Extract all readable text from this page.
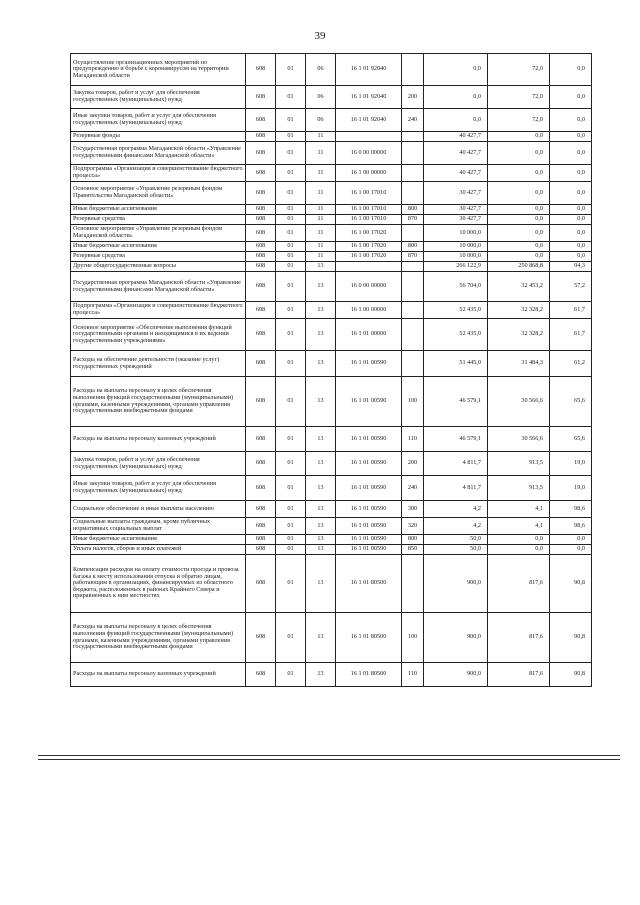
39
Осуществление организационных мероприятий по предупреждению и борьбе с коронавирусом на территории Магаданской области	608	01	06	16 1 01 92040		0,0	72,0	0,0
Закупка товаров, работ и услуг для обеспечения государственных (муниципальных) нужд	608	01	06	16 1 01 92040	200	0,0	72,0	0,0
Иные закупки товаров, работ и услуг для обеспечения государственных (муниципальных) нужд	608	01	06	16 1 01 92040	240	0,0	72,0	0,0
Резервные фонды	608	01	11			40 427,7	0,0	0,0
Государственная программа Магаданской области «Управление государственными финансами Магаданской области»	608	01	11	16 0 00 00000		40 427,7	0,0	0,0
Подпрограмма «Организация и совершенствование бюджетного процесса»	608	01	11	16 1 00 00000		40 427,7	0,0	0,0
Основное мероприятие «Управление резервным фондом Правительства Магаданской области»	608	01	11	16 1 00 17010		30 427,7	0,0	0,0
Иные бюджетные ассигнования	608	01	11	16 1 00 17010	800	30 427,7	0,0	0,0
Резервные средства	608	01	11	16 1 00 17010	870	30 427,7	0,0	0,0
Основное мероприятие «Управление резервным фондом Магаданской области»	608	01	11	16 1 00 17020		10 000,0	0,0	0,0
Иные бюджетные ассигнования	608	01	11	16 1 00 17020	800	10 000,0	0,0	0,0
Резервные средства	608	01	11	16 1 00 17020	870	10 000,0	0,0	0,0
Другие общегосударственные вопросы	608	01	13			266 122,9	250 868,8	94,3
Государственная программа Магаданской области «Управление государственными финансами Магаданской области»	608	01	13	16 0 00 00000		56 704,0	32 453,2	57,2
Подпрограмма «Организация и совершенствование бюджетного процесса»	608	01	13	16 1 00 00000		52 435,0	32 328,2	61,7
Основное мероприятие «Обеспечение выполнения функций государственными органами и находящимися в их ведении государственными учреждениями»	608	01	13	16 1 01 00000		52 435,0	32 328,2	61,7
Расходы на обеспечение деятельности (оказание услуг) государственных учреждений	608	01	13	16 1 01 00590		51 445,0	31 484,3	61,2
Расходы на выплаты персоналу в целях обеспечения выполнения функций государственными (муниципальными) органами, казенными учреждениями, органами управления государственными внебюджетными фондами	608	01	13	16 1 01 00590	100	46 579,1	30 566,6	65,6
Расходы на выплаты персоналу казенных учреждений	608	01	13	16 1 01 00590	110	46 579,1	30 566,6	65,6
Закупка товаров, работ и услуг для обеспечения государственных (муниципальных) нужд	608	01	13	16 1 01 00590	200	4 811,7	913,5	19,0
Иные закупки товаров, работ и услуг для обеспечения государственных (муниципальных) нужд	608	01	13	16 1 01 00590	240	4 811,7	913,5	19,0
Социальное обеспечение и иные выплаты населению	608	01	13	16 1 01 00590	300	4,2	4,1	98,6
Социальные выплаты гражданам, кроме публичных нормативных социальных выплат	608	01	13	16 1 01 00590	320	4,2	4,1	98,6
Иные бюджетные ассигнования	608	01	13	16 1 01 00590	800	50,0	0,0	0,0
Уплата налогов, сборов и иных платежей	608	01	13	16 1 01 00590	850	50,0	0,0	0,0
Компенсация расходов на оплату стоимости проезда и провоза багажа к месту использования отпуска и обратно лицам, работающим в организациях, финансируемых из областного бюджета, расположенных в районах Крайнего Севера и приравненных к ним местностях	608	01	13	16 1 01 80500		900,0	817,6	90,8
Расходы на выплаты персоналу в целях обеспечения выполнения функций государственными (муниципальными) органами, казенными учреждениями, органами управления государственными внебюджетными фондами	608	01	13	16 1 01 80500	100	900,0	817,6	90,8
Расходы на выплаты персоналу казенных учреждений	608	01	13	16 1 01 80500	110	900,0	817,6	90,8
